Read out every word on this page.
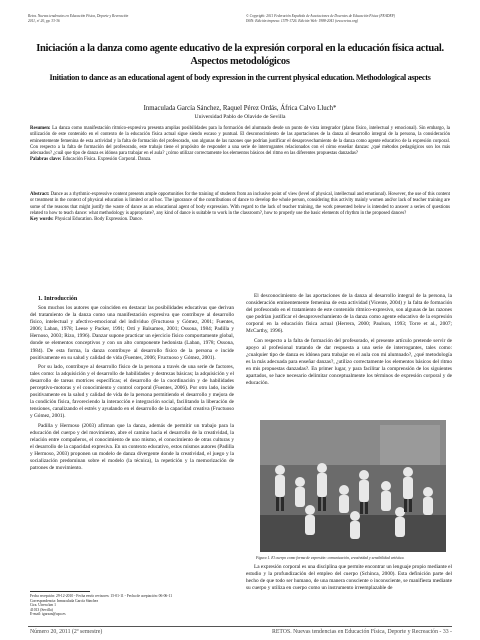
Retos. Nuevas tendencias en Educación Física, Deporte y Recreación
2011, nº 20, pp. 33-36
© Copyright: 2011 Federación Española de Asociaciones de Docentes de Educación Física (FEADEF)
ISSN: Edición impresa: 1579-1726. Edición Web: 1988-2041 (www.retos.org)
Iniciación a la danza como agente educativo de la expresión corporal en la educación física actual. Aspectos metodológicos
Initiation to dance as an educational agent of body expression in the current physical education. Methodological aspects
Inmaculada García Sánchez, Raquel Pérez Ordás, África Calvo Lluch*
Universidad Pablo de Olavide de Sevilla

Resumen: La danza como manifestación rítmico-expresiva presenta amplias posibilidades para la formación del alumnado desde un punto de vista integrador (plano físico, intelectual y emocional). Sin embargo, la utilización de este contenido en el contexto de la educación física actual sigue siendo escaso y puntual. El desconocimiento de las aportaciones de la danza al desarrollo integral de la persona, la consideración eminentemente femenina de esta actividad y la falta de formación del profesorado, son algunas de las razones que podrían justificar el desaprovechamiento de la danza como agente educativo de la expresión corporal. Con respecto a la falta de formación del profesorado, este trabajo tiene el propósito de responder a una serie de interrogantes relacionados con el cómo enseñar danzas: ¿qué métodos pedagógicos son los más adecuados? ¿cuál que tipo de danza es idónea para trabajar en el aula? ¿cómo utilizar correctamente los elementos básicos del ritmo en las diferentes propuestas danzadas?

Palabras clave: Educación Física. Expresión Corporal. Danza.

Abstract: Dance as a rhythmic-expressive content presents ample opportunities for the training of students from an inclusive point of view (level of physical, intellectual and emotional). However, the use of this content or treatment in the context of physical education is limited or ad hoc. The ignorance of the contributions of dance to develop the whole person, considering this activity mainly women and/or lack of teacher training are some of the reasons that might justify the waste of dance as an educational agent of body expression. With regard to the lack of teacher training, the work presented below is intended to answer a series of questions related to how to teach dance: what methodology is appropriate?, any kind of dance is suitable to work in the classroom?, how to properly use the basic elements of rhythm in the proposed dances?

Key words: Physical Education. Body Expression. Dance.

1. Introducción

Son muchos los autores que coinciden en destacar las posibilidades educativas que derivan del tratamiento de la danza como una manifestación expresiva que contribuye al desarrollo físico, intelectual y afectivo-emocional del individuo (Fructuoso y Gómez, 2001; Fuentes, 2006; Laban, 1978; Leese y Packer, 1991; Ortí y Balsameo, 2001; Ossona, 1984; Padilla y Hernoso, 2003; Rizo, 1996). Danzar supone practicar un ejercicio físico comportamente global, donde se elementos conceptivos y con un alto componente hedonista (Laban, 1978; Ossona, 1984). De esta forma, la danza contribuye al desarrollo físico de la persona e incide positivamente en su salud y calidad de vida (Fuentes, 2006; Fructuoso y Gómez, 2001).

Por su lado, contribuye al desarrollo físico de la persona a través de una serie de factores, tales como: la adquisición y el desarrollo de habilidades y destrezas básicas; la adquisición y el desarrollo de tareas motrices específicas; el desarrollo de la coordinación y de habilidades perceptivo-motoras y el conocimiento y control corporal (Fuentes, 2006). Por otro lado, incide positivamente en la salud y calidad de vida de la persona permitiendo el desarrollo y mejora de la condición física, favoreciendo la interacción e integración social, facilitando la liberación de tensiones, canalizando el estrés y ayudando en el desarrollo de la capacidad creativa (Fructuoso y Gómez, 2001).

Padilla y Hermoso (2003) afirman que la danza, además de permitir un trabajo para la educación del cuerpo y del movimiento, abre el camino hacia el desarrollo de la creatividad, la relación entre compañeros, el conocimiento de uno mismo, el conocimiento de otras culturas y el desarrollo de la capacidad expresiva. En un contexto educativo, estos mismos autores (Padilla y Hermoso, 2003) proponen un modelo de danza divergente donde la creatividad, el juego y la socialización predominan sobre el modelo (la técnica), la repetición y la memorización de patrones de movimiento.

El desconocimiento de las aportaciones de la danza al desarrollo integral de la persona, la consideración eminentemente femenina de esta actividad (Vicente, 2004) y la falta de formación del profesorado en el tratamiento de este contenido rítmico-expresivo, son algunas de las razones que podrían justificar el desaprovechamiento de la danza como agente educativo de la expresión corporal en la educación física actual (Herrera, 2000; Paulson, 1993; Torre et al., 2007; McCarthy, 1996).

Con respecto a la falta de formación del profesorado, el presente artículo pretende servir de apoyo al profesional tratando de dar respuesta a una serie de interrogantes, tales como: ¿cualquier tipo de danza es idónea para trabajar en el aula con mi alumnado?, ¿qué metodología es la más adecuada para enseñar danzas?, ¿utilizo correctamente los elementos básicos del ritmo en mis propuestas danzadas?. En primer lugar, y para facilitar la comprensión de los siguientes apartados, se hace necesario delimitar conceptualmente los términos de expresión corporal y de educación.

Figura 1. El cuerpo como forma de expresión: comunicación, creatividad y sensibilidad artística.

La expresión corporal es una disciplina que permite encontrar un lenguaje propio mediante el estudio y la profundización del empleo del cuerpo (Schinca, 2000). Esta definición parte del hecho de que todo ser humano, de una manera consciente o inconsciente, se manifiesta mediante su cuerpo y utiliza en cuerpo como un instrumento irreemplazable de

Fecha recepción: 29-12-2010 - Fecha envío revisores: 15-01-11 - Fecha de aceptación: 06-06-11
Correspondencia: Inmaculada García Sánchez
Ctra. Utrera km 1
41013 (Sevilla)
E-mail: igarsan@upo.es
Número 20, 2011 (2º semestre)	RETOS. Nuevas tendencias en Educación Física, Deporte y Recreación - 33 -
